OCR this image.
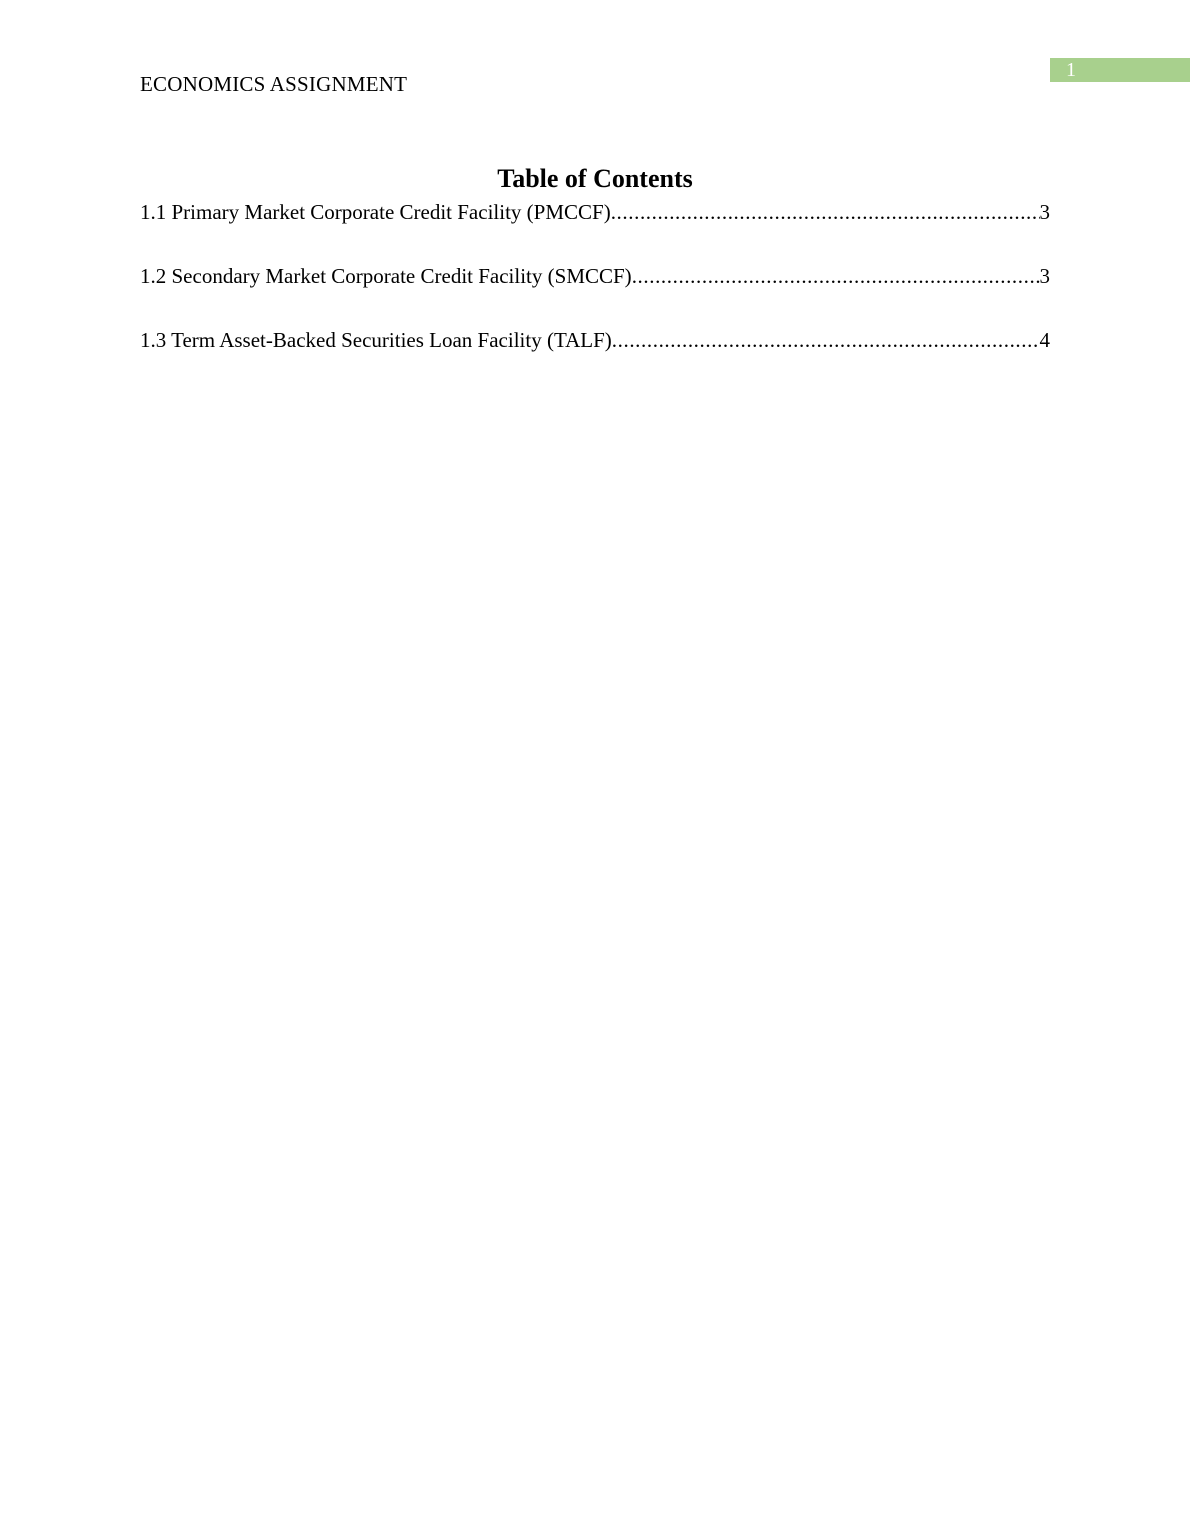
1
ECONOMICS ASSIGNMENT
Table of Contents
1.1 Primary Market Corporate Credit Facility (PMCCF) .....	3
1.2 Secondary Market Corporate Credit Facility (SMCCF) .....	3
1.3 Term Asset-Backed Securities Loan Facility (TALF) .....	4
